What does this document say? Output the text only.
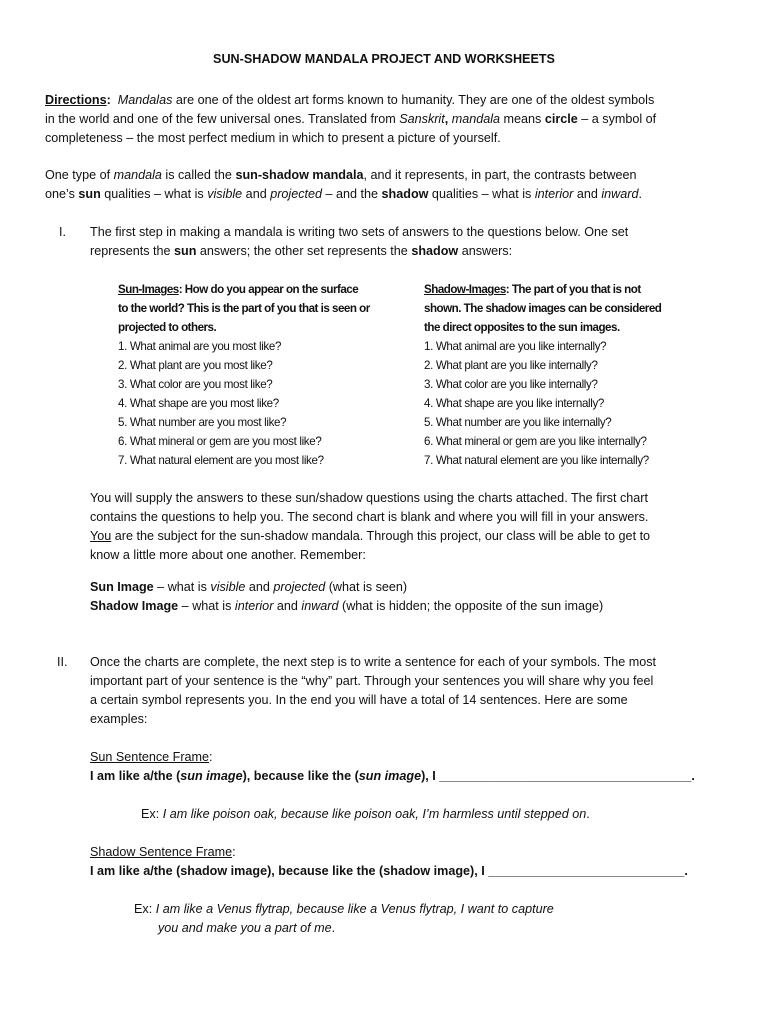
SUN-SHADOW MANDALA PROJECT AND WORKSHEETS
Directions: Mandalas are one of the oldest art forms known to humanity. They are one of the oldest symbols
in the world and one of the few universal ones. Translated from Sanskrit, mandala means circle – a symbol of
completeness – the most perfect medium in which to present a picture of yourself.
One type of mandala is called the sun-shadow mandala, and it represents, in part, the contrasts between
one’s sun qualities – what is visible and projected – and the shadow qualities – what is interior and inward.
I. The first step in making a mandala is writing two sets of answers to the questions below. One set
represents the sun answers; the other set represents the shadow answers:
Sun-Images: How do you appear on the surface
to the world? This is the part of you that is seen or
projected to others.
1. What animal are you most like?
2. What plant are you most like?
3. What color are you most like?
4. What shape are you most like?
5. What number are you most like?
6. What mineral or gem are you most like?
7. What natural element are you most like?
Shadow-Images: The part of you that is not
shown. The shadow images can be considered
the direct opposites to the sun images.
1. What animal are you like internally?
2. What plant are you like internally?
3. What color are you like internally?
4. What shape are you like internally?
5. What number are you like internally?
6. What mineral or gem are you like internally?
7. What natural element are you like internally?
You will supply the answers to these sun/shadow questions using the charts attached. The first chart
contains the questions to help you. The second chart is blank and where you will fill in your answers.
You are the subject for the sun-shadow mandala. Through this project, our class will be able to get to
know a little more about one another. Remember:
Sun Image – what is visible and projected (what is seen)
Shadow Image – what is interior and inward (what is hidden; the opposite of the sun image)
II. Once the charts are complete, the next step is to write a sentence for each of your symbols. The most
important part of your sentence is the “why” part. Through your sentences you will share why you feel
a certain symbol represents you. In the end you will have a total of 14 sentences. Here are some
examples:
Sun Sentence Frame:
I am like a/the (sun image), because like the (sun image), I ____________________________________.
Ex: I am like poison oak, because like poison oak, I’m harmless until stepped on.
Shadow Sentence Frame:
I am like a/the (shadow image), because like the (shadow image), I ____________________________.
Ex: I am like a Venus flytrap, because like a Venus flytrap, I want to capture
you and make you a part of me.
